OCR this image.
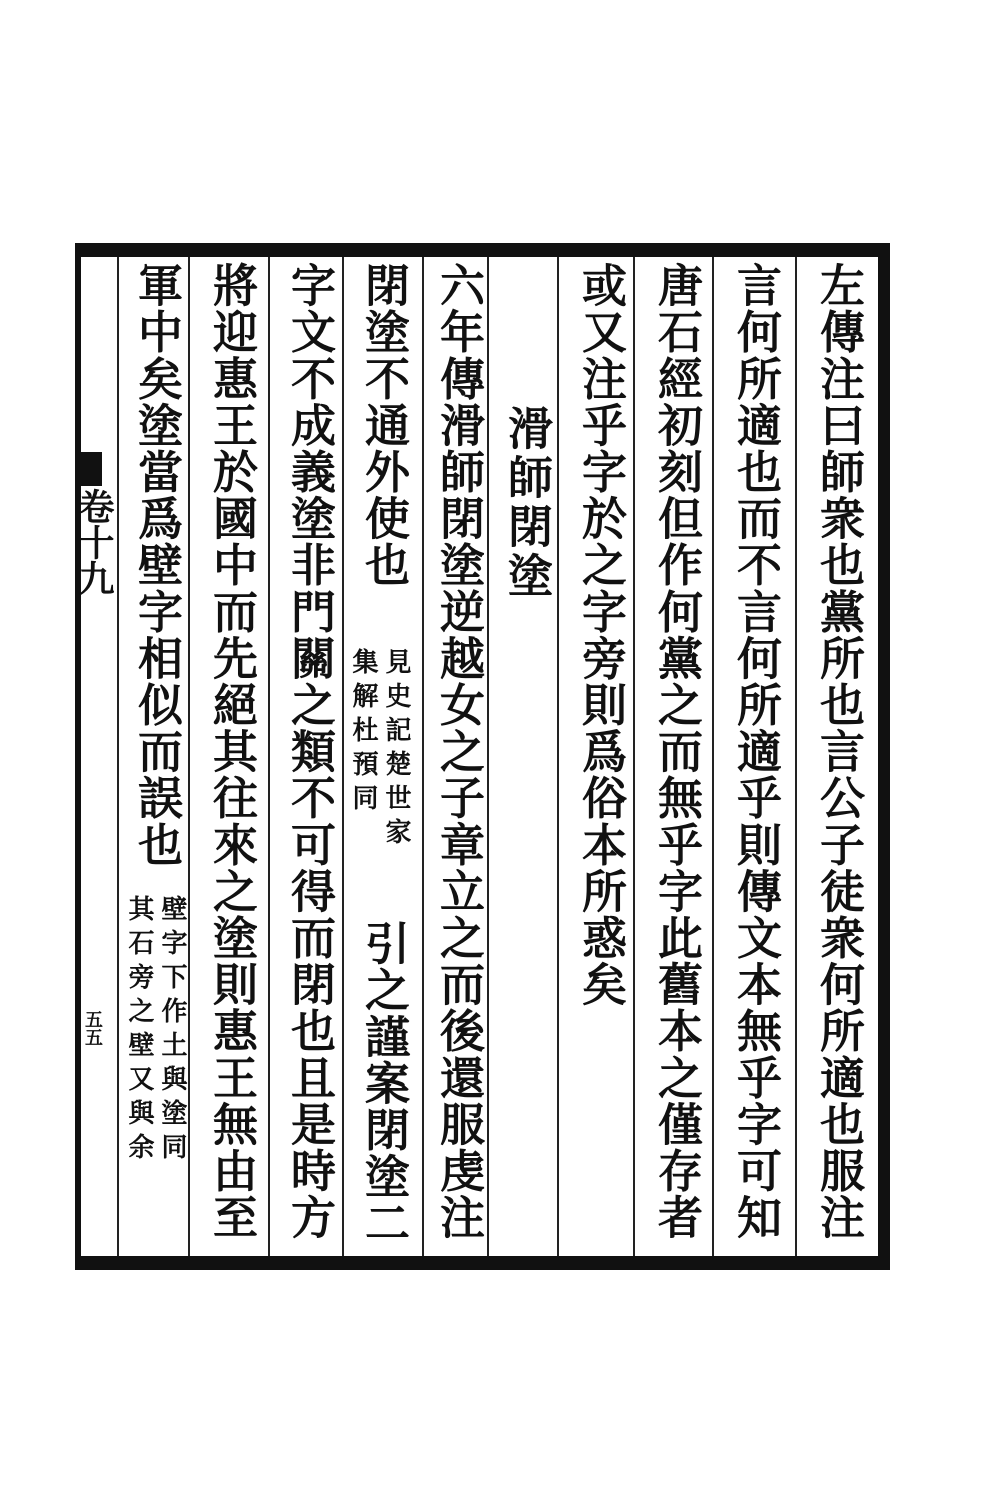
左傳注曰師衆也黨所也言公子徒衆何所適也服注
言何所適也而不言何所適乎則傳文本無乎字可知
唐石經初刻但作何黨之而無乎字此舊本之僅存者
或又注乎字於之字旁則爲俗本所惑矣
滑師閉塗
六年傳滑師閉塗逆越女之子章立之而後還服虔注
閉塗不通外使也
見史記楚世家
集解杜預同
引之謹案閉塗二
字文不成義塗非門關之類不可得而閉也且是時方
將迎惠王於國中而先絕其往來之塗則惠王無由至
軍中矣塗當爲壁字相似而誤也
壁字下作土與塗同
其石旁之壁又與余
卷十九
五五
